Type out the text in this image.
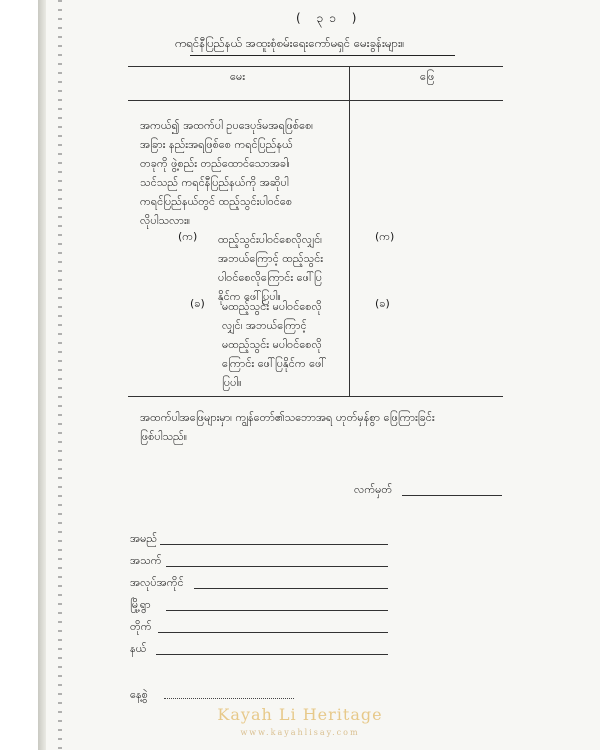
( ၃၁ )
ကရင်နီပြည်နယ် အထူးစုံစမ်းရေးကော်မရှင် မေးခွန်းများ။
မေး	ဖြေ
အကယ်၍ အထက်ပါ ဥပဒေပုဒ်မအရဖြစ်စေ၊
အခြား နည်းအရဖြစ်စေ ကရင်ပြည်နယ်
တခုကို ဖွဲ့စည်း တည်ထောင်သောအခါ၊
သင်သည် ကရင်နီပြည်နယ်ကို အဆိုပါ
ကရင်ပြည်နယ်တွင် ထည့်သွင်းပါဝင်စေ
လိုပါသလား။
(က) ထည့်သွင်းပါဝင်စေလိုလျှင်၊
အဘယ်ကြောင့် ထည့်သွင်း
ပါဝင်စေလိုကြောင်း ဖေါ်ပြ
နိုင်က ဖေါ်ပြပါ။
(က)
(ခ) မထည့်သွင်း မပါဝင်စေလို
လျှင်၊ အဘယ်ကြောင့်
မထည့်သွင်း မပါဝင်စေလို
ကြောင်း ဖေါ်ပြနိုင်က ဖေါ်
ပြပါ။
(ခ)
အထက်ပါအဖြေများမှာ၊ ကျွန်တော်၏သဘောအရ ဟုတ်မှန်စွာ ဖြေကြားခြင်း
ဖြစ်ပါသည်။
လက်မှတ်
အမည်
အသက်
အလုပ်အကိုင်
မြို့ရွာ
တိုက်
နယ်
နေ့စွဲ
Kayah Li Heritage
www.kayahlisay.com
